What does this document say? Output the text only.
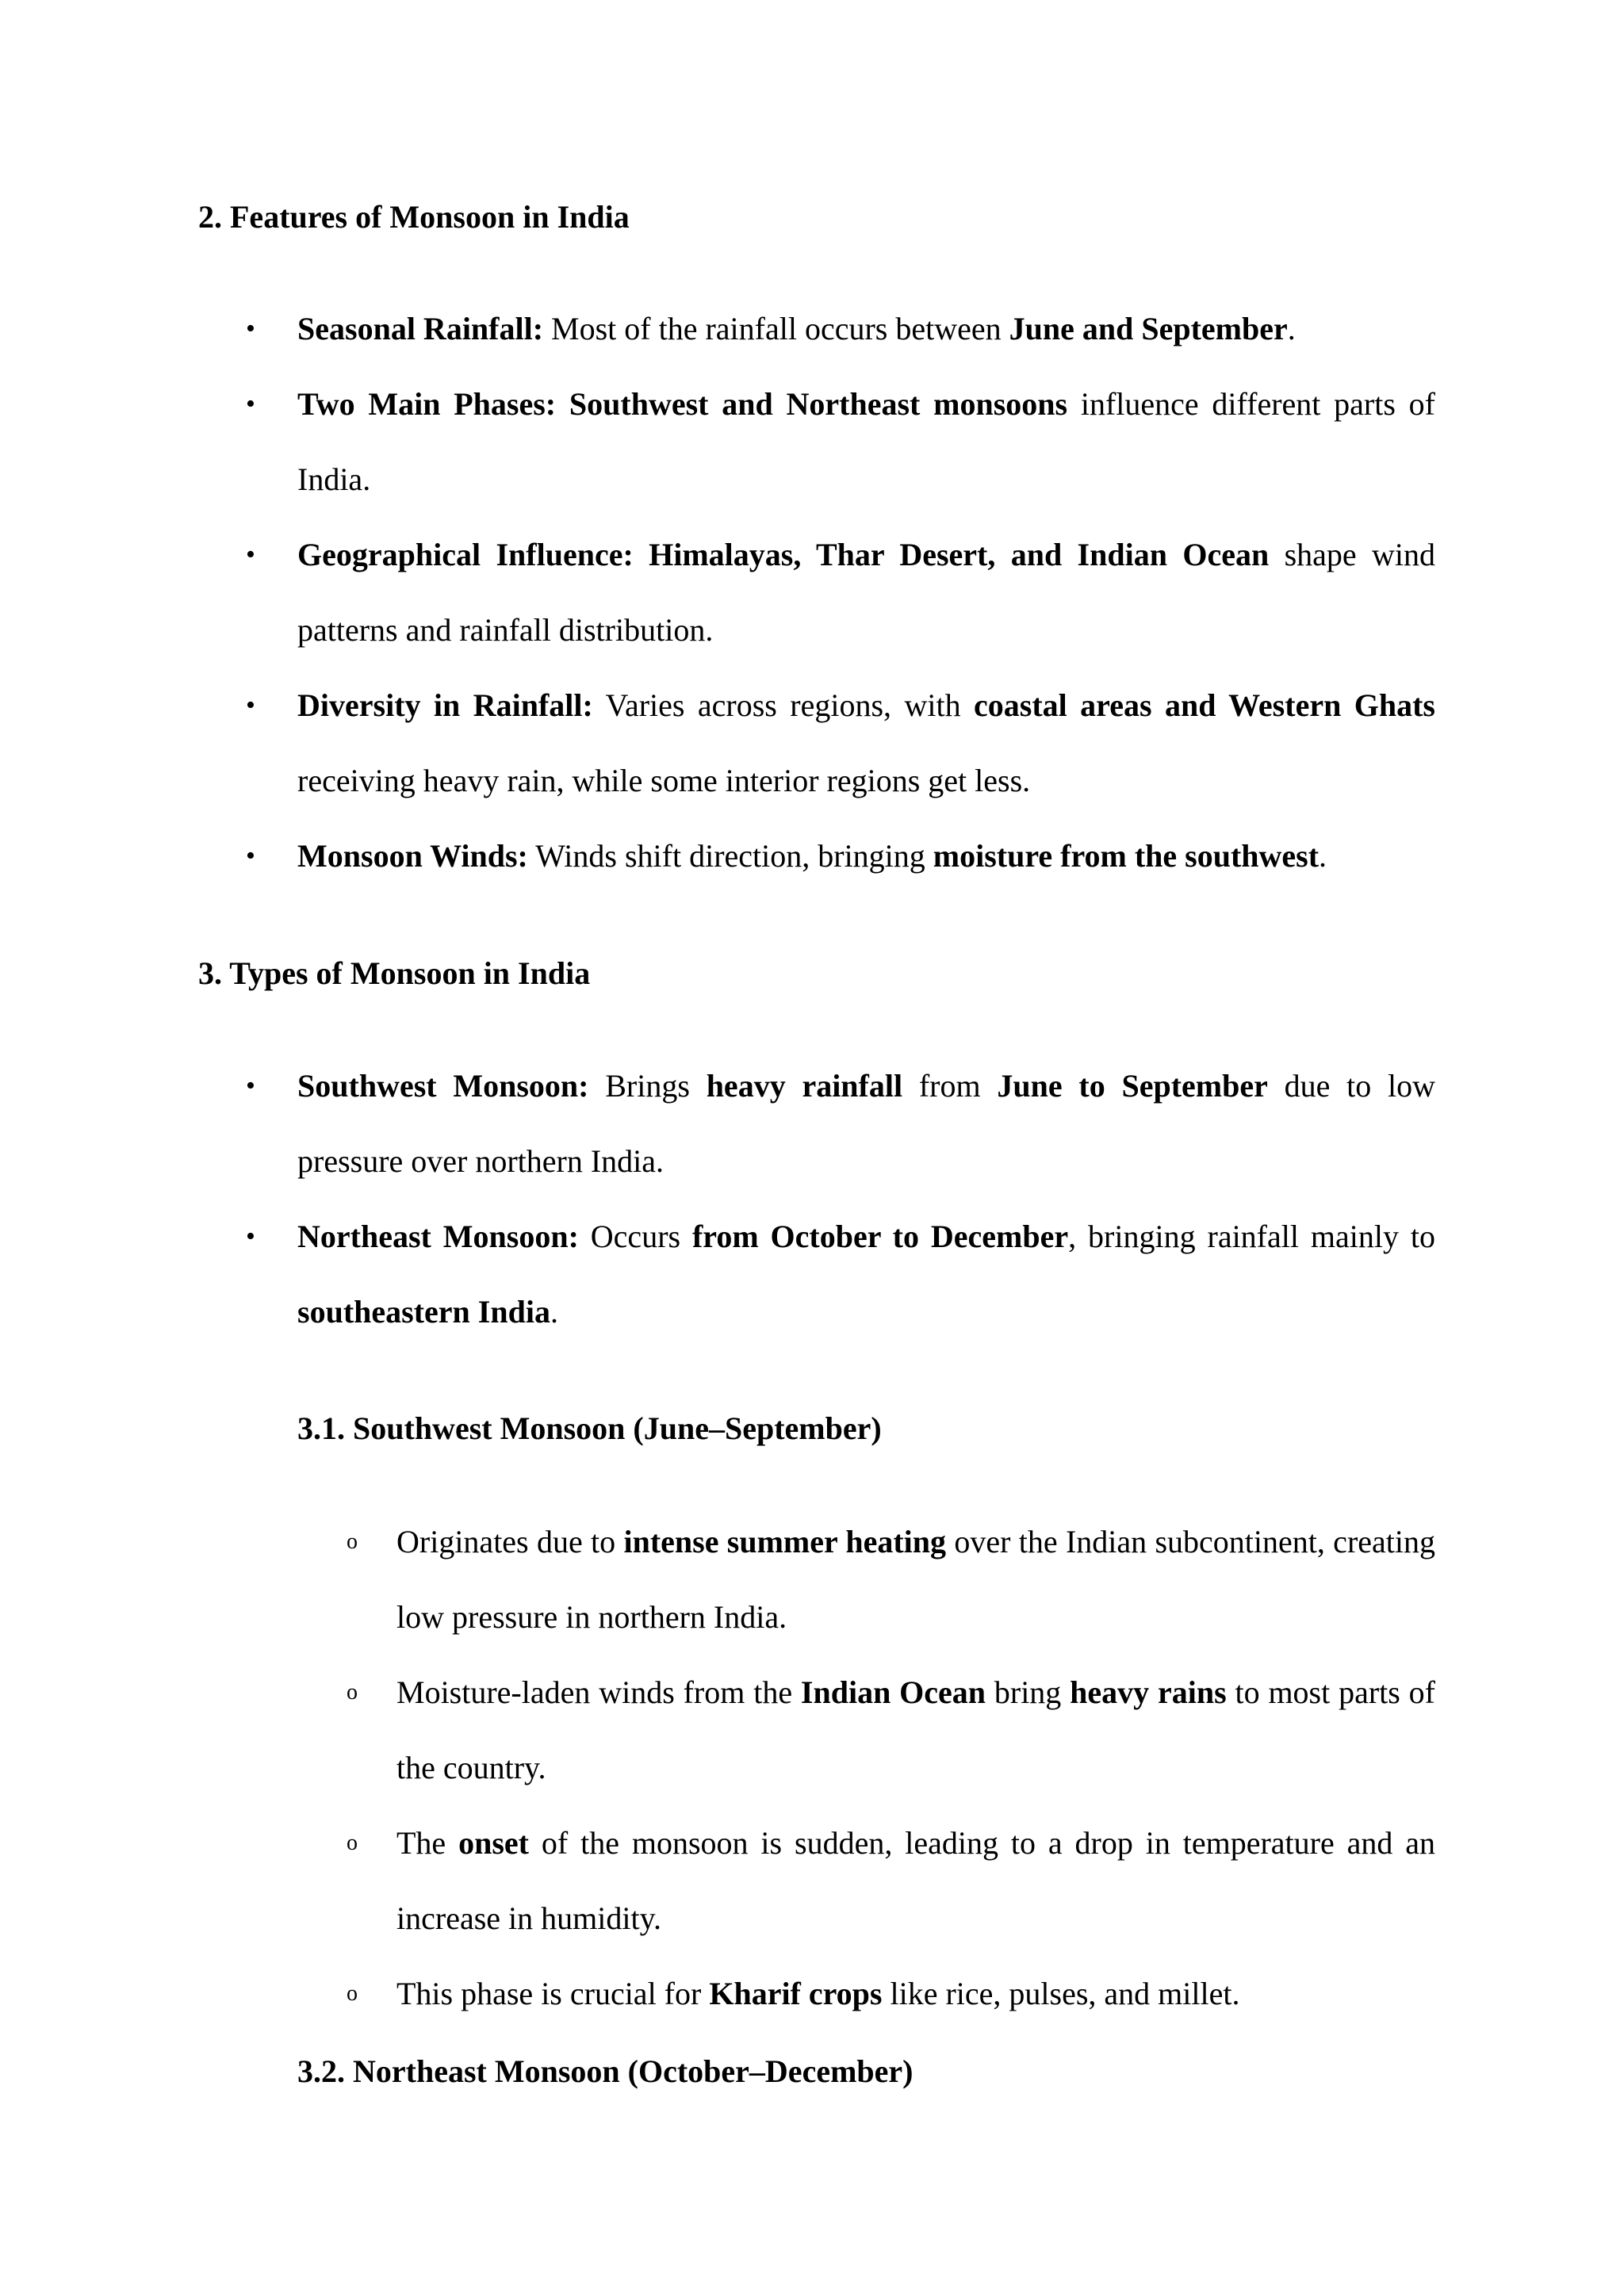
2. Features of Monsoon in India
• Seasonal Rainfall: Most of the rainfall occurs between June and September.
• Two Main Phases: Southwest and Northeast monsoons influence different parts of India.
• Geographical Influence: Himalayas, Thar Desert, and Indian Ocean shape wind patterns and rainfall distribution.
• Diversity in Rainfall: Varies across regions, with coastal areas and Western Ghats receiving heavy rain, while some interior regions get less.
• Monsoon Winds: Winds shift direction, bringing moisture from the southwest.
3. Types of Monsoon in India
• Southwest Monsoon: Brings heavy rainfall from June to September due to low pressure over northern India.
• Northeast Monsoon: Occurs from October to December, bringing rainfall mainly to southeastern India.
3.1. Southwest Monsoon (June–September)
o Originates due to intense summer heating over the Indian subcontinent, creating low pressure in northern India.
o Moisture-laden winds from the Indian Ocean bring heavy rains to most parts of the country.
o The onset of the monsoon is sudden, leading to a drop in temperature and an increase in humidity.
o This phase is crucial for Kharif crops like rice, pulses, and millet.
3.2. Northeast Monsoon (October–December)
